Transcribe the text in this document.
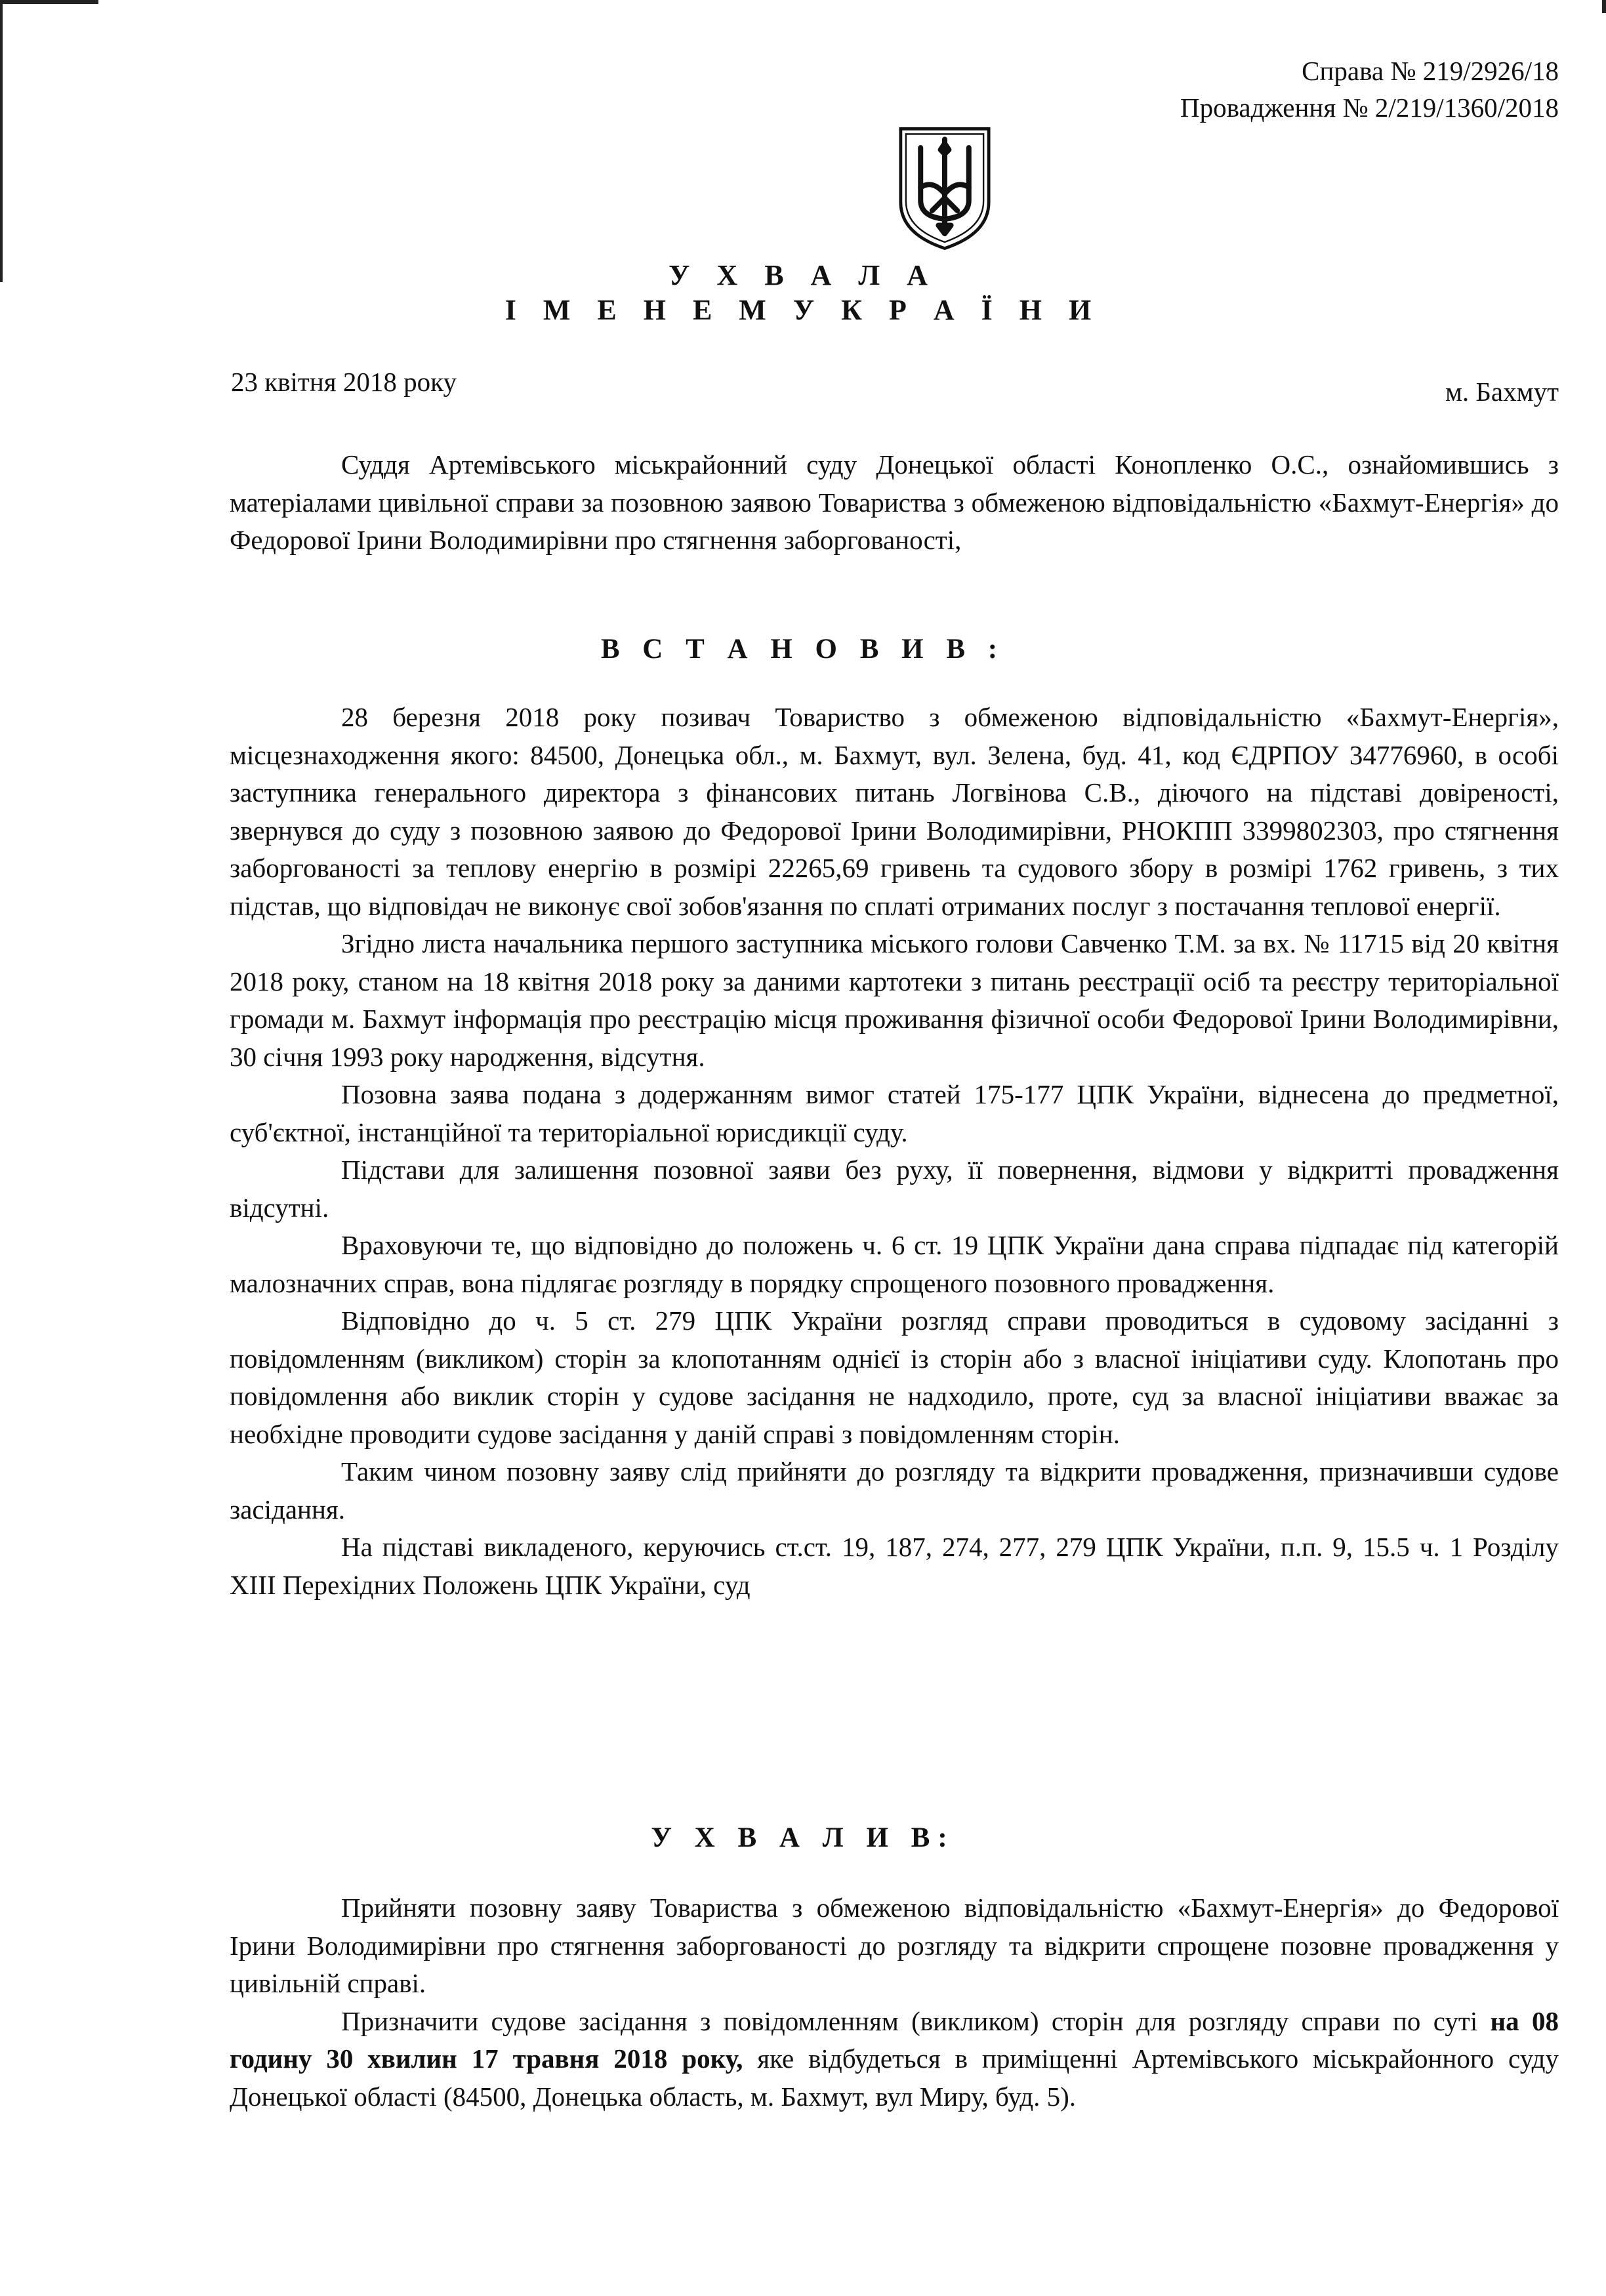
Справа № 219/2926/18
Провадження № 2/219/1360/2018
У Х В А Л А
І М Е Н Е М У К Р А Ї Н И
23 квітня 2018 року	м. Бахмут

Суддя Артемівського міськрайонний суду Донецької області Конопленко О.С., ознайомившись з матеріалами цивільної справи за позовною заявою Товариства з обмеженою відповідальністю «Бахмут-Енергія» до Федорової Ірини Володимирівни про стягнення заборгованості,

В С Т А Н О В И В :

28 березня 2018 року позивач Товариство з обмеженою відповідальністю «Бахмут-Енергія», місцезнаходження якого: 84500, Донецька обл., м. Бахмут, вул. Зелена, буд. 41, код ЄДРПОУ 34776960, в особі заступника генерального директора з фінансових питань Логвінова С.В., діючого на підставі довіреності, звернувся до суду з позовною заявою до Федорової Ірини Володимирівни, РНОКПП 3399802303, про стягнення заборгованості за теплову енергію в розмірі 22265,69 гривень та судового збору в розмірі 1762 гривень, з тих підстав, що відповідач не виконує свої зобов'язання по сплаті отриманих послуг з постачання теплової енергії.

Згідно листа начальника першого заступника міського голови Савченко Т.М. за вх. № 11715 від 20 квітня 2018 року, станом на 18 квітня 2018 року за даними картотеки з питань реєстрації осіб та реєстру територіальної громади м. Бахмут інформація про реєстрацію місця проживання фізичної особи Федорової Ірини Володимирівни, 30 січня 1993 року народження, відсутня.

Позовна заява подана з додержанням вимог статей 175-177 ЦПК України, віднесена до предметної, суб'єктної, інстанційної та територіальної юрисдикції суду.

Підстави для залишення позовної заяви без руху, її повернення, відмови у відкритті провадження відсутні.

Враховуючи те, що відповідно до положень ч. 6 ст. 19 ЦПК України дана справа підпадає під категорій малозначних справ, вона підлягає розгляду в порядку спрощеного позовного провадження.

Відповідно до ч. 5 ст. 279 ЦПК України розгляд справи проводиться в судовому засіданні з повідомленням (викликом) сторін за клопотанням однієї із сторін або з власної ініціативи суду. Клопотань про повідомлення або виклик сторін у судове засідання не надходило, проте, суд за власної ініціативи вважає за необхідне проводити судове засідання у даній справі з повідомленням сторін.

Таким чином позовну заяву слід прийняти до розгляду та відкрити провадження, призначивши судове засідання.

На підставі викладеного, керуючись ст.ст. 19, 187, 274, 277, 279 ЦПК України, п.п. 9, 15.5 ч. 1 Розділу XIII Перехідних Положень ЦПК України, суд

У Х В А Л И В:

Прийняти позовну заяву Товариства з обмеженою відповідальністю «Бахмут-Енергія» до Федорової Ірини Володимирівни про стягнення заборгованості до розгляду та відкрити спрощене позовне провадження у цивільній справі.

Призначити судове засідання з повідомленням (викликом) сторін для розгляду справи по суті на 08 годину 30 хвилин 17 травня 2018 року, яке відбудеться в приміщенні Артемівського міськрайонного суду Донецької області (84500, Донецька область, м. Бахмут, вул Миру, буд. 5).
